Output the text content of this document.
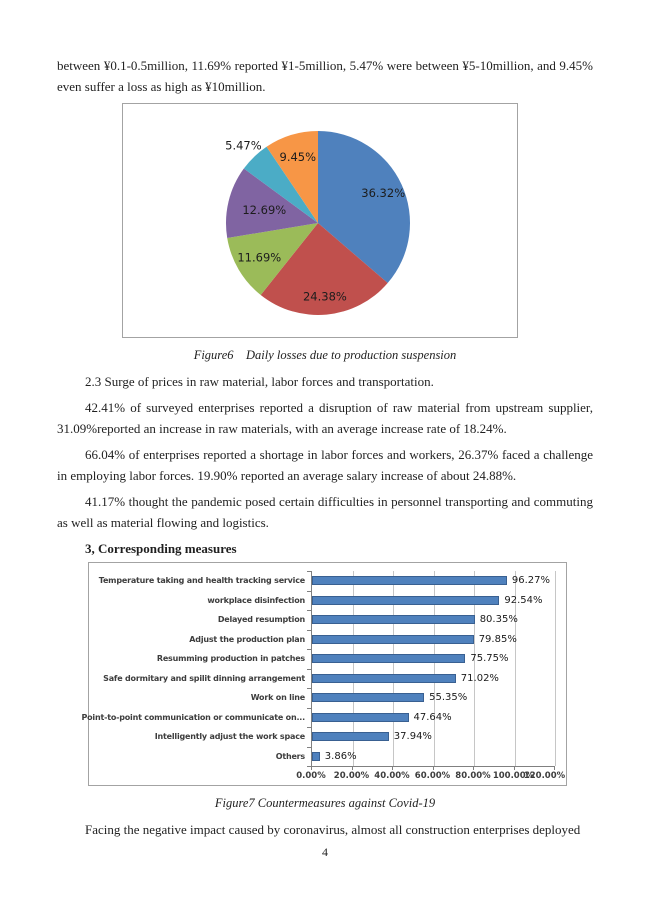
between ¥0.1-0.5million, 11.69% reported ¥1-5million, 5.47% were between ¥5-10million, and 9.45% even suffer a loss as high as ¥10million.

36.32%
24.38%
11.69%
12.69%
5.47%
9.45%

Figure6    Daily losses due to production suspension

2.3 Surge of prices in raw material, labor forces and transportation.

42.41% of surveyed enterprises reported a disruption of raw material from upstream supplier, 31.09%reported an increase in raw materials, with an average increase rate of 18.24%.

66.04% of enterprises reported a shortage in labor forces and workers, 26.37% faced a challenge in employing labor forces. 19.90% reported an average salary increase of about 24.88%.

41.17% thought the pandemic posed certain difficulties in personnel transporting and commuting as well as material flowing and logistics.

3, Corresponding measures

0.00% 20.00% 40.00% 60.00% 80.00% 100.00%
120.00%
Temperature taking and health tracking service	96.27%
workplace disinfection	92.54%
Delayed resumption	80.35%
Adjust the production plan	79.85%
Resumming production in patches	75.75%
Safe dormitary and spilit dinning arrangement	71.02%
Work on line	55.35%
Point-to-point communication or communicate on...	47.64%
Intelligently adjust the work space	37.94%
Others 3.86%

Figure7 Countermeasures against Covid-19

Facing the negative impact caused by coronavirus, almost all construction enterprises deployed

4
